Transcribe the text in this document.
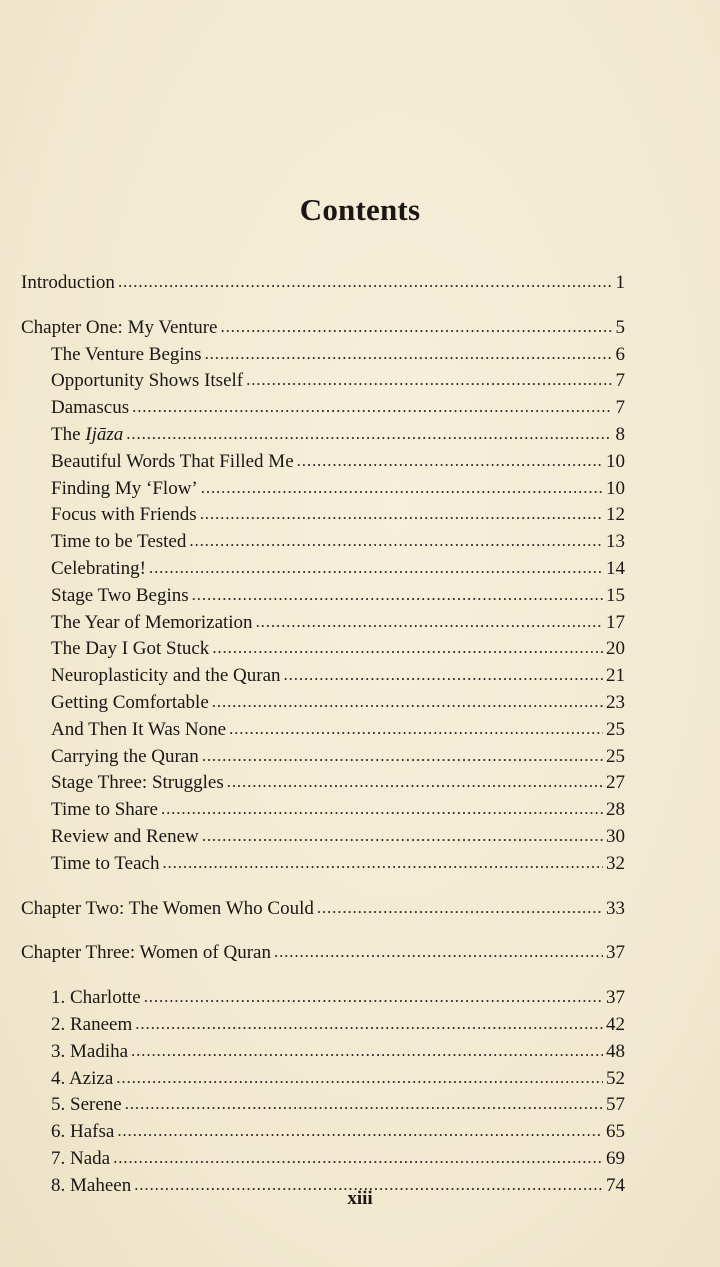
Contents
Introduction . . .	1
Chapter One: My Venture . . .	5
The Venture Begins . . .	6
Opportunity Shows Itself . . .	7
Damascus . . .	7
The Ijāza . . .	8
Beautiful Words That Filled Me . . .	10
Finding My ‘Flow’ . . .	10
Focus with Friends . . .	12
Time to be Tested . . .	13
Celebrating! . . .	14
Stage Two Begins . . .	15
The Year of Memorization . . .	17
The Day I Got Stuck . . .	20
Neuroplasticity and the Quran . . .	21
Getting Comfortable . . .	23
And Then It Was None . . .	25
Carrying the Quran . . .	25
Stage Three: Struggles . . .	27
Time to Share . . .	28
Review and Renew . . .	30
Time to Teach . . .	32
Chapter Two: The Women Who Could . . .	33
Chapter Three: Women of Quran . . .	37
1. Charlotte . . .	37
2. Raneem . . .	42
3. Madiha . . .	48
4. Aziza . . .	52
5. Serene . . .	57
6. Hafsa . . .	65
7. Nada . . .	69
8. Maheen . . .	74
xiii
